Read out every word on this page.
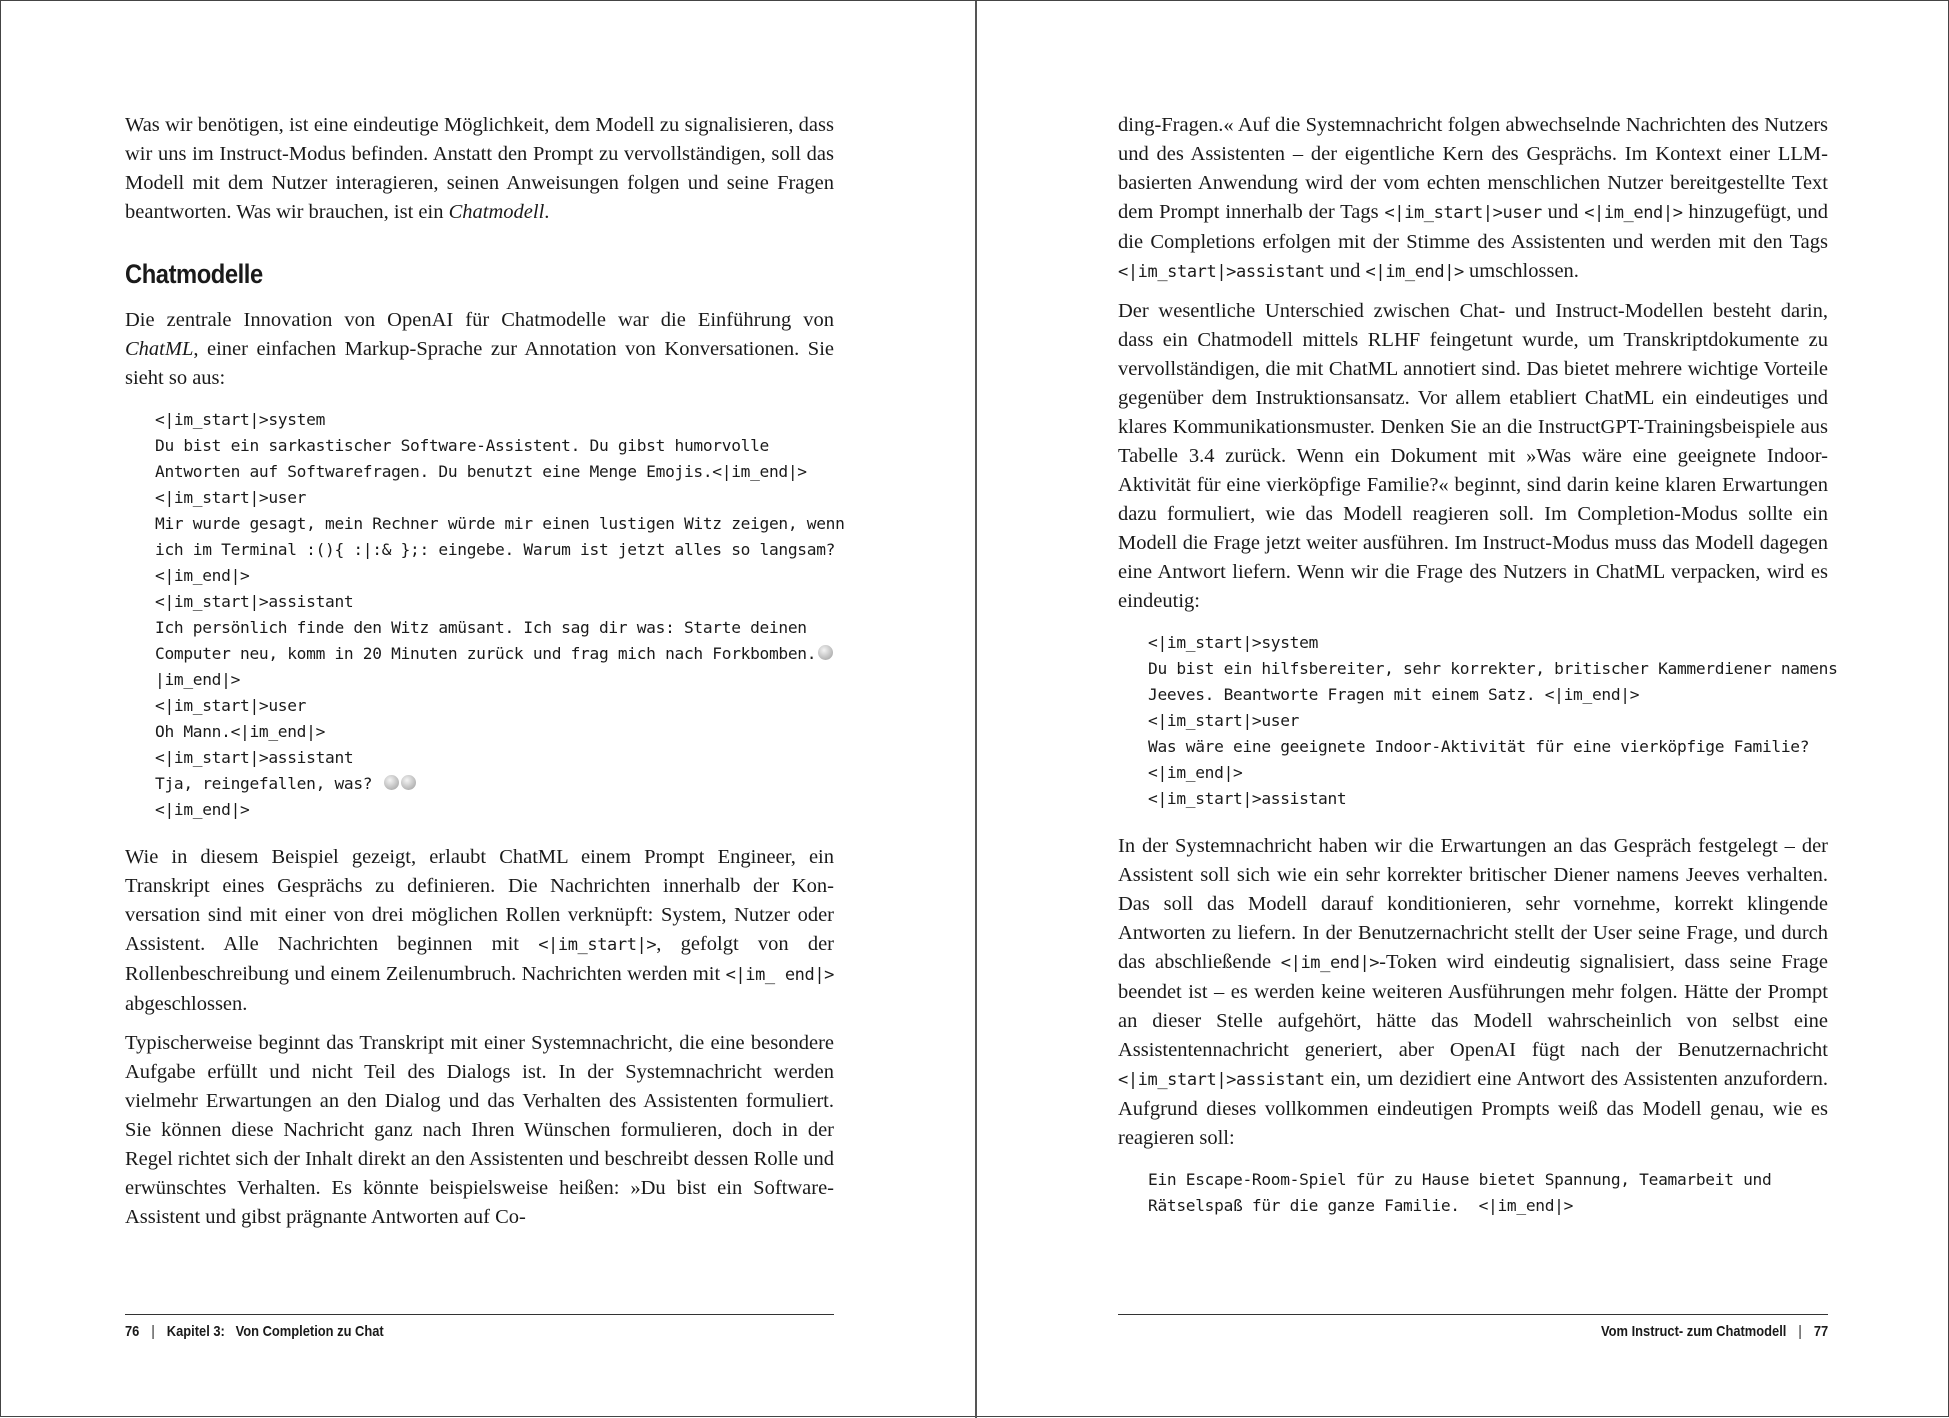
Was wir benötigen, ist eine eindeutige Möglichkeit, dem Modell zu signalisieren, dass wir uns im Instruct-Modus befinden. Anstatt den Prompt zu vervollständigen, soll das Modell mit dem Nutzer interagieren, seinen Anweisungen folgen und seine Fragen beantworten. Was wir brauchen, ist ein Chatmodell.

Chatmodelle

Die zentrale Innovation von OpenAI für Chatmodelle war die Einführung von ChatML, einer einfachen Markup-Sprache zur Annotation von Konversationen. Sie sieht so aus:

<|im_start|>system
Du bist ein sarkastischer Software-Assistent. Du gibst humorvolle
Antworten auf Softwarefragen. Du benutzt eine Menge Emojis.<|im_end|>
<|im_start|>user
Mir wurde gesagt, mein Rechner würde mir einen lustigen Witz zeigen, wenn
ich im Terminal :(){ :|:& };: eingebe. Warum ist jetzt alles so langsam?
<|im_end|>
<|im_start|>assistant
Ich persönlich finde den Witz amüsant. Ich sag dir was: Starte deinen
Computer neu, komm in 20 Minuten zurück und frag mich nach Forkbomben.
|im_end|>
<|im_start|>user
Oh Mann.<|im_end|>
<|im_start|>assistant
Tja, reingefallen, was?
<|im_end|>

Wie in diesem Beispiel gezeigt, erlaubt ChatML einem Prompt Engineer, ein Transkript eines Gesprächs zu definieren. Die Nachrichten innerhalb der Konversation sind mit einer von drei möglichen Rollen verknüpft: System, Nutzer oder Assistent. Alle Nachrichten beginnen mit <|im_start|>, gefolgt von der Rollenbeschreibung und einem Zeilenumbruch. Nachrichten werden mit <|im_ end|> abgeschlossen.

Typischerweise beginnt das Transkript mit einer Systemnachricht, die eine besondere Aufgabe erfüllt und nicht Teil des Dialogs ist. In der Systemnachricht werden vielmehr Erwartungen an den Dialog und das Verhalten des Assistenten formuliert. Sie können diese Nachricht ganz nach Ihren Wünschen formulieren, doch in der Regel richtet sich der Inhalt direkt an den Assistenten und beschreibt dessen Rolle und erwünschtes Verhalten. Es könnte beispielsweise heißen: »Du bist ein Software-Assistent und gibst prägnante Antworten auf Co-

ding-Fragen.« Auf die Systemnachricht folgen abwechselnde Nachrichten des Nutzers und des Assistenten – der eigentliche Kern des Gesprächs. Im Kontext einer LLM-basierten Anwendung wird der vom echten menschlichen Nutzer bereitgestellte Text dem Prompt innerhalb der Tags <|im_start|>user und <|im_end|> hinzugefügt, und die Completions erfolgen mit der Stimme des Assistenten und werden mit den Tags <|im_start|>assistant und <|im_end|> umschlossen.

Der wesentliche Unterschied zwischen Chat- und Instruct-Modellen besteht darin, dass ein Chatmodell mittels RLHF feingetunt wurde, um Transkriptdokumente zu vervollständigen, die mit ChatML annotiert sind. Das bietet mehrere wichtige Vorteile gegenüber dem Instruktionsansatz. Vor allem etabliert ChatML ein eindeutiges und klares Kommunikationsmuster. Denken Sie an die InstructGPT-Trainingsbeispiele aus Tabelle 3.4 zurück. Wenn ein Dokument mit »Was wäre eine geeignete Indoor-Aktivität für eine vierköpfige Familie?« beginnt, sind darin keine klaren Erwartungen dazu formuliert, wie das Modell reagieren soll. Im Completion-Modus sollte ein Modell die Frage jetzt weiter ausführen. Im Instruct-Modus muss das Modell dagegen eine Antwort liefern. Wenn wir die Frage des Nutzers in ChatML verpacken, wird es eindeutig:

<|im_start|>system
Du bist ein hilfsbereiter, sehr korrekter, britischer Kammerdiener namens
Jeeves. Beantworte Fragen mit einem Satz. <|im_end|>
<|im_start|>user
Was wäre eine geeignete Indoor-Aktivität für eine vierköpfige Familie?
<|im_end|>
<|im_start|>assistant

In der Systemnachricht haben wir die Erwartungen an das Gespräch festgelegt – der Assistent soll sich wie ein sehr korrekter britischer Diener namens Jeeves verhalten. Das soll das Modell darauf konditionieren, sehr vornehme, korrekt klingende Antworten zu liefern. In der Benutzernachricht stellt der User seine Frage, und durch das abschließende <|im_end|>-Token wird eindeutig signalisiert, dass seine Frage beendet ist – es werden keine weiteren Ausführungen mehr folgen. Hätte der Prompt an dieser Stelle aufgehört, hätte das Modell wahrscheinlich von selbst eine Assistentennachricht generiert, aber OpenAI fügt nach der Benutzernachricht <|im_start|>assistant ein, um dezidiert eine Antwort des Assistenten anzufordern. Aufgrund dieses vollkommen eindeutigen Prompts weiß das Modell genau, wie es reagieren soll:

Ein Escape-Room-Spiel für zu Hause bietet Spannung, Teamarbeit und
Rätselspaß für die ganze Familie.  <|im_end|>
76 | Kapitel 3: Von Completion zu Chat	Vom Instruct- zum Chatmodell | 77
